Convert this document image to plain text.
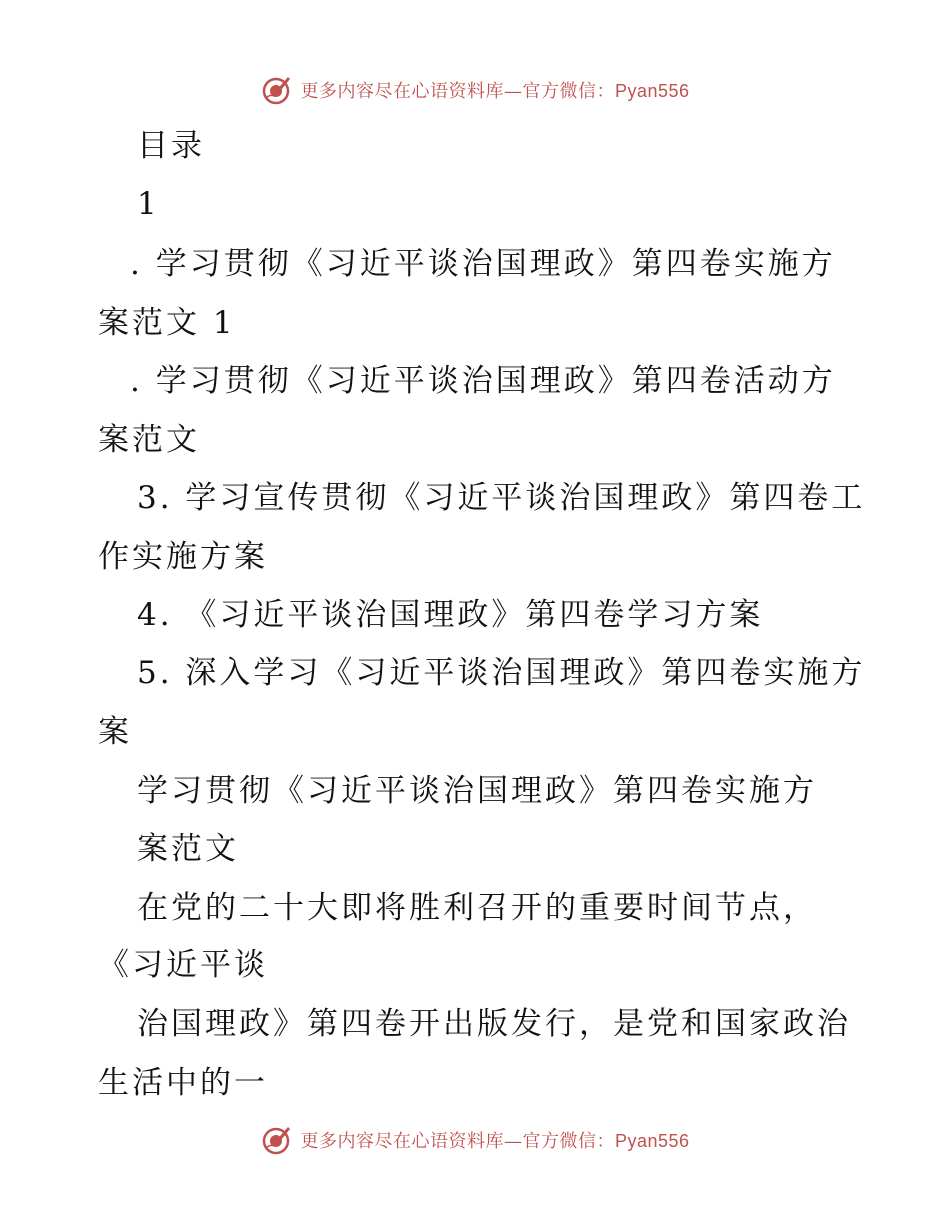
更多内容尽在心语资料库—官方微信：Pyan556
目录
1
. 学习贯彻《习近平谈治国理政》第四卷实施方
案范文 1
. 学习贯彻《习近平谈治国理政》第四卷活动方
案范文
3. 学习宣传贯彻《习近平谈治国理政》第四卷工
作实施方案
4. 《习近平谈治国理政》第四卷学习方案
5. 深入学习《习近平谈治国理政》第四卷实施方
案
学习贯彻《习近平谈治国理政》第四卷实施方
案范文
在党的二十大即将胜利召开的重要时间节点，
《习近平谈
治国理政》第四卷开出版发行，是党和国家政治
生活中的一
更多内容尽在心语资料库—官方微信：Pyan556
